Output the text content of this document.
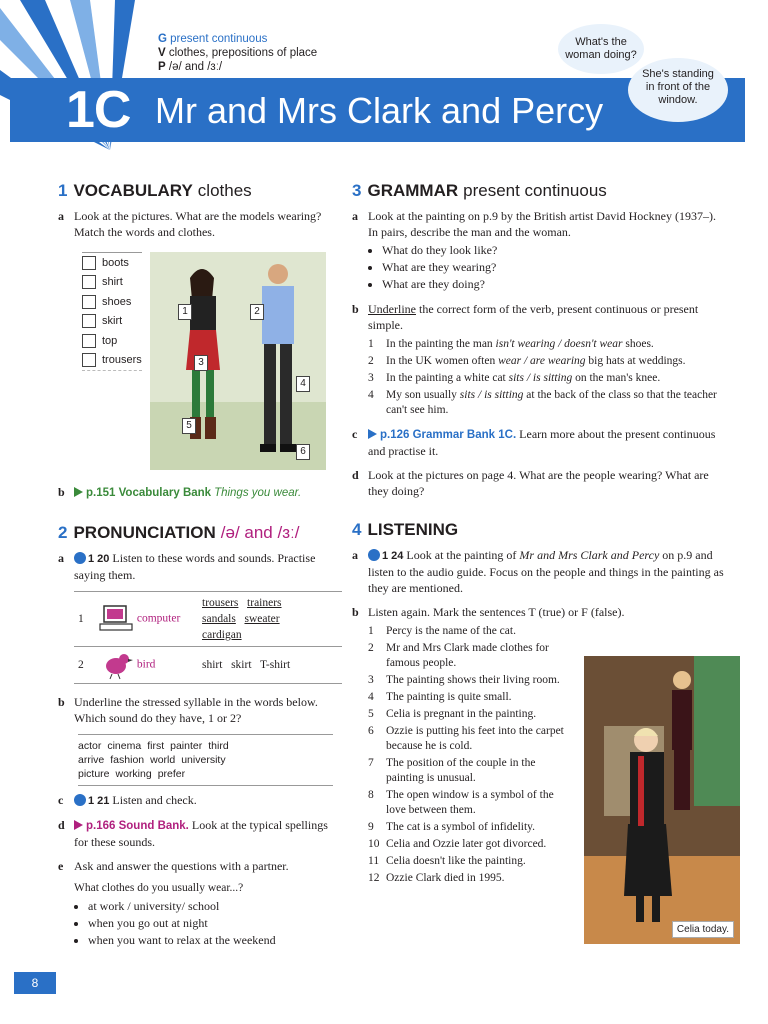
G present continuous
V clothes, prepositions of place
P /ə/ and /ɜː/
1C Mr and Mrs Clark and Percy
What's the
woman doing?
She's standing
in front of the
window.
1 VOCABULARY clothes
a Look at the pictures. What are the models wearing? Match the words and clothes.
boots
shirt
shoes
skirt
top
trousers
1	2
3
4
5
6
b p.151 Vocabulary Bank Things you wear.
2 PRONUNCIATION /ə/ and /ɜː/
a 1 20 Listen to these words and sounds. Practise saying them.
1	computer	trousers trainers
sandals sweater
cardigan
2	bird	shirt skirt T-shirt
b Underline the stressed syllable in the words below. Which sound do they have, 1 or 2?
actor cinema first painter third
arrive fashion world university
picture working prefer
c 1 21 Listen and check.
d p.166 Sound Bank. Look at the typical spellings for these sounds.
e Ask and answer the questions with a partner.
What clothes do you usually wear...?
• at work / university/ school
• when you go out at night
• when you want to relax at the weekend
3 GRAMMAR present continuous
a Look at the painting on p.9 by the British artist David Hockney (1937–). In pairs, describe the man and the woman.
• What do they look like?
• What are they wearing?
• What are they doing?
b Underline the correct form of the verb, present continuous or present simple.
1 In the painting the man isn't wearing / doesn't wear shoes.
2 In the UK women often wear / are wearing big hats at weddings.
3 In the painting a white cat sits / is sitting on the man's knee.
4 My son usually sits / is sitting at the back of the class so that the teacher can't see him.
c p.126 Grammar Bank 1C. Learn more about the present continuous and practise it.
d Look at the pictures on page 4. What are the people wearing? What are they doing?
4 LISTENING
a 1 24 Look at the painting of Mr and Mrs Clark and Percy on p.9 and listen to the audio guide. Focus on the people and things in the painting as they are mentioned.
b Listen again. Mark the sentences T (true) or F (false).
1 Percy is the name of the cat.
2 Mr and Mrs Clark made clothes for famous people.
3 The painting shows their living room.
4 The painting is quite small.
5 Celia is pregnant in the painting.
6 Ozzie is putting his feet into the carpet because he is cold.
7 The position of the couple in the painting is unusual.
8 The open window is a symbol of the love between them.
9 The cat is a symbol of infidelity.
10 Celia and Ozzie later got divorced.
11 Celia doesn't like the painting.
12 Ozzie Clark died in 1995.
Celia today.
8
